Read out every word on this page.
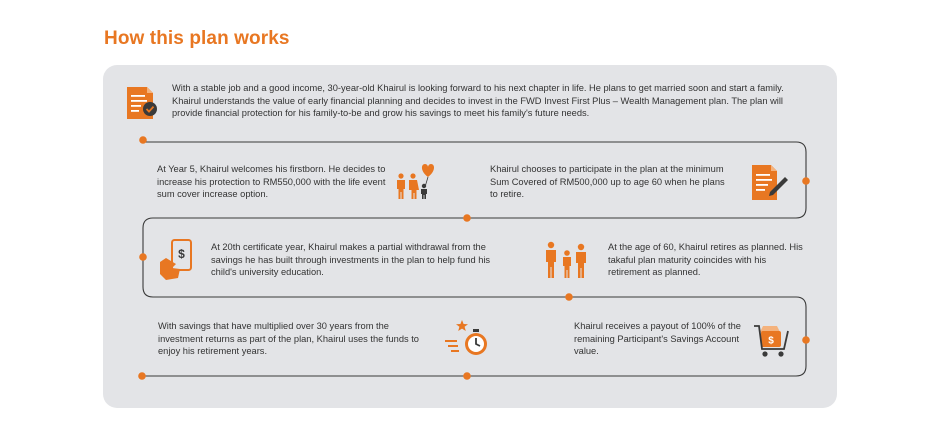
How this plan works
With a stable job and a good income, 30-year-old Khairul is looking forward to his next chapter in life. He plans to get married soon and start a family. Khairul understands the value of early financial planning and decides to invest in the FWD Invest First Plus – Wealth Management plan. The plan will provide financial protection for his family-to-be and grow his savings to meet his family's future needs.
At Year 5, Khairul welcomes his firstborn. He decides to increase his protection to RM550,000 with the life event sum cover increase option.
Khairul chooses to participate in the plan at the minimum Sum Covered of RM500,000 up to age 60 when he plans to retire.
$	At 20th certificate year, Khairul makes a partial withdrawal from the savings he has built through investments in the plan to help fund his child's university education.
At the age of 60, Khairul retires as planned. His takaful plan maturity coincides with his retirement as planned.
With savings that have multiplied over 30 years from the investment returns as part of the plan, Khairul uses the funds to enjoy his retirement years.
Khairul receives a payout of 100% of the remaining Participant's Savings Account value.
$
